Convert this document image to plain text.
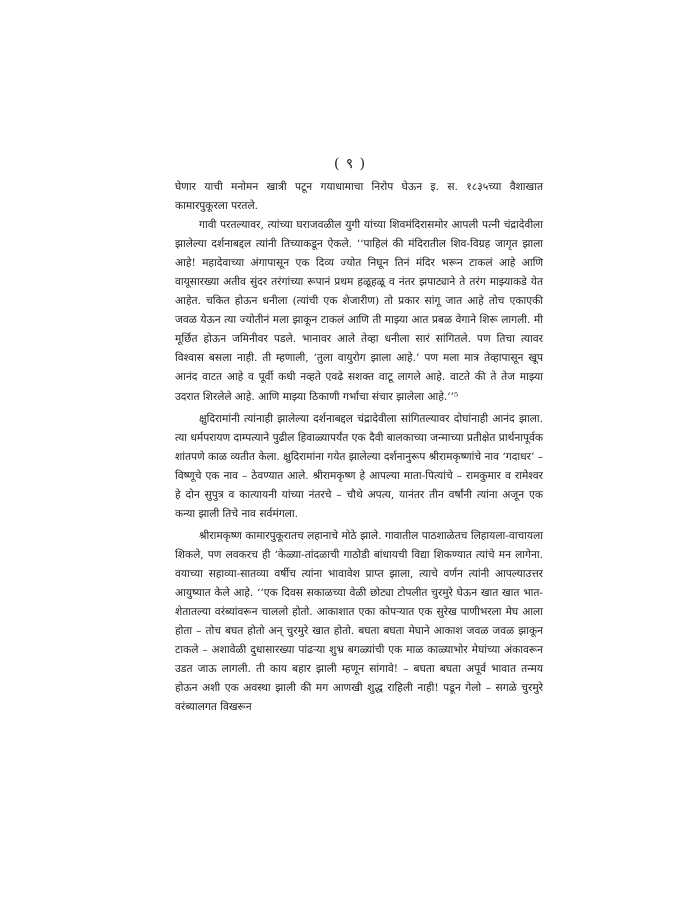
( ९ )

घेणार याची मनोमन खात्री पटून गयाधामाचा निरोप घेऊन इ. स. १८३५च्या वैशाखात कामारपुकूरला परतले.

गावी परतल्यावर, त्यांच्या घराजवळील युगी यांच्या शिवमंदिरासमोर आपली पत्नी चंद्रादेवीला झालेल्या दर्शनाबद्दल त्यांनी तिच्याकडून ऐकले. ‘‘पाहिलं की मंदिरातील शिव-विग्रह जागृत झाला आहे! महादेवाच्या अंगापासून एक दिव्य ज्योत निघून तिनं मंदिर भरून टाकलं आहे आणि वायूसारख्या अतीव सुंदर तरंगांच्या रूपानं प्रथम हळूहळू व नंतर झपाट्याने ते तरंग माझ्याकडे येत आहेत. चकित होऊन धनीला (त्यांची एक शेजारीण) तो प्रकार सांगू जात आहे तोच एकाएकी जवळ येऊन त्या ज्योतीनं मला झाकून टाकलं आणि ती माझ्या आत प्रबळ वेगाने शिरू लागली. मी मूर्छित होऊन जमिनीवर पडले. भानावर आले तेव्हा धनीला सारं सांगितले. पण तिचा त्यावर विश्वास बसला नाही. ती म्हणाली, ‘तुला वायुरोग झाला आहे.’ पण मला मात्र तेव्हापासून खूप आनंद वाटत आहे व पूर्वी कधी नव्हते एवढे सशक्त वाटू लागले आहे. वाटते की ते तेज माझ्या उदरात शिरलेले आहे. आणि माझ्या ठिकाणी गर्भाचा संचार झालेला आहे.’’⁵

क्षुदिरामांनी त्यांनाही झालेल्या दर्शनाबद्दल चंद्रादेवीला सांगितल्यावर दोघांनाही आनंद झाला. त्या धर्मपरायण दाम्पत्याने पुढील हिवाळ्यापर्यंत एक दैवी बालकाच्या जन्माच्या प्रतीक्षेत प्रार्थनापूर्वक शांतपणे काळ व्यतीत केला. क्षुदिरामांना गयेत झालेल्या दर्शनानुरूप श्रीरामकृष्णांचे नाव ‘गदाधर’ – विष्णूचे एक नाव – ठेवण्यात आले. श्रीरामकृष्ण हे आपल्या माता-पित्यांचे – रामकुमार व रामेश्वर हे दोन सुपुत्र व कात्यायनी यांच्या नंतरचे – चौथे अपत्य, यानंतर तीन वर्षांनी त्यांना अजून एक कन्या झाली तिचे नाव सर्वमंगला.

श्रीरामकृष्ण कामारपुकूरातच लहानाचे मोठे झाले. गावातील पाठशाळेतच लिहायला-वाचायला शिकले, पण लवकरच ही ‘केळ्या-तांदळाची गाठोडी बांधायची विद्या शिकण्यात त्यांचे मन लागेना. वयाच्या सहाव्या-सातव्या वर्षीच त्यांना भावावेश प्राप्त झाला, त्याचे वर्णन त्यांनी आपल्याउत्तर आयुष्यात केले आहे. ‘‘एक दिवस सकाळच्या वेळी छोट्या टोपलीत चुरमुरे घेऊन खात खात भात-शेतातल्या वरंब्यांवरून चाललो होतो. आकाशात एका कोपऱ्यात एक सुरेख पाणीभरला मेघ आला होता – तोच बघत होतो अन् चुरमुरे खात होतो. बघता बघता मेघाने आकाश जवळ जवळ झाकून टाकले – अशावेळी दुधासारख्या पांढऱ्या शुभ्र बगळ्यांची एक माळ काळ्याभोर मेघांच्या अंकावरून उडत जाऊ लागली. ती काय बहार झाली म्हणून सांगावे! – बघता बघता अपूर्व भावात तन्मय होऊन अशी एक अवस्था झाली की मग आणखी शुद्ध राहिली नाही! पडून गेलो – सगळे चुरमुरे वरंब्यालगत विखरून
